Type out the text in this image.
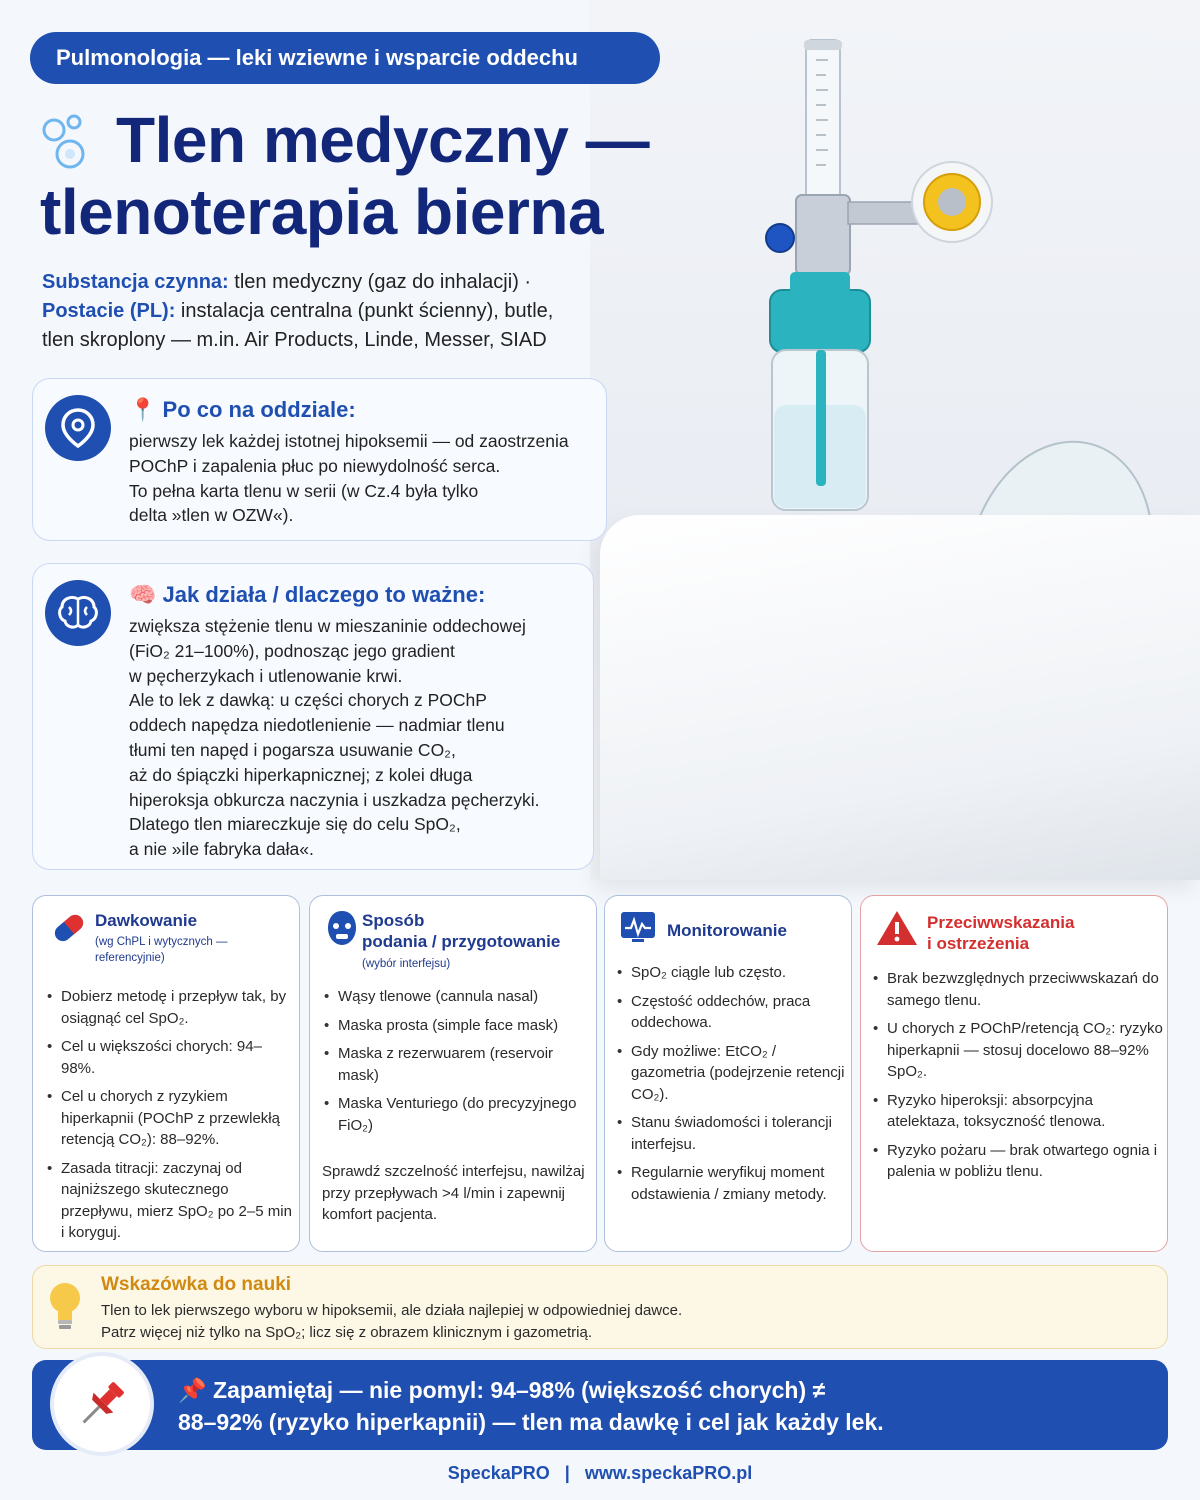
Pulmonologia — leki wziewne i wsparcie oddechu
Tlen medyczny —
tlenoterapia bierna
Substancja czynna: tlen medyczny (gaz do inhalacji) ·
Postacie (PL): instalacja centralna (punkt ścienny), butle,
tlen skroplony — m.in. Air Products, Linde, Messer, SIAD
📍 Po co na oddziale:
pierwszy lek każdej istotnej hipoksemii — od zaostrzenia
POChP i zapalenia płuc po niewydolność serca.
To pełna karta tlenu w serii (w Cz.4 była tylko
delta »tlen w OZW«).
🧠 Jak działa / dlaczego to ważne:
zwiększa stężenie tlenu w mieszaninie oddechowej
(FiO₂ 21–100%), podnosząc jego gradient
w pęcherzykach i utlenowanie krwi.
Ale to lek z dawką: u części chorych z POChP
oddech napędza niedotlenienie — nadmiar tlenu
tłumi ten napęd i pogarsza usuwanie CO₂,
aż do śpiączki hiperkapnicznej; z kolei długa
hiperoksja obkurcza naczynia i uszkadza pęcherzyki.
Dlatego tlen miareczkuje się do celu SpO₂,
a nie »ile fabryka dała«.
Dawkowanie
(wg ChPL i wytycznych — referencyjnie)
• Dobierz metodę i przepływ tak, by osiągnąć cel SpO₂.
• Cel u większości chorych: 94–98%.
• Cel u chorych z ryzykiem hiperkapnii (POChP z przewlekłą retencją CO₂): 88–92%.
• Zasada titracji: zaczynaj od najniższego skutecznego przepływu, mierz SpO₂ po 2–5 min i koryguj.
Sposób
podania / przygotowanie
(wybór interfejsu)
• Wąsy tlenowe (cannula nasal)
• Maska prosta (simple face mask)
• Maska z rezerwuarem (reservoir mask)
• Maska Venturiego (do precyzyjnego FiO₂)
Sprawdź szczelność interfejsu, nawilżaj przy przepływach >4 l/min i zapewnij komfort pacjenta.
Monitorowanie
• SpO₂ ciągle lub często.
• Częstość oddechów, praca oddechowa.
• Gdy możliwe: EtCO₂ / gazometria (podejrzenie retencji CO₂).
• Stanu świadomości i tolerancji interfejsu.
• Regularnie weryfikuj moment odstawienia / zmiany metody.
Przeciwwskazania
i ostrzeżenia
• Brak bezwzględnych przeciwwskazań do samego tlenu.
• U chorych z POChP/retencją CO₂: ryzyko hiperkapnii — stosuj docelowo 88–92% SpO₂.
• Ryzyko hiperoksji: absorpcyjna atelektaza, toksyczność tlenowa.
• Ryzyko pożaru — brak otwartego ognia i palenia w pobliżu tlenu.
Wskazówka do nauki
Tlen to lek pierwszego wyboru w hipoksemii, ale działa najlepiej w odpowiedniej dawce.
Patrz więcej niż tylko na SpO₂; licz się z obrazem klinicznym i gazometrią.
📌 Zapamiętaj — nie pomyl: 94–98% (większość chorych) ≠
88–92% (ryzyko hiperkapnii) — tlen ma dawkę i cel jak każdy lek.
SpeckaPRO   |   www.speckaPRO.pl
